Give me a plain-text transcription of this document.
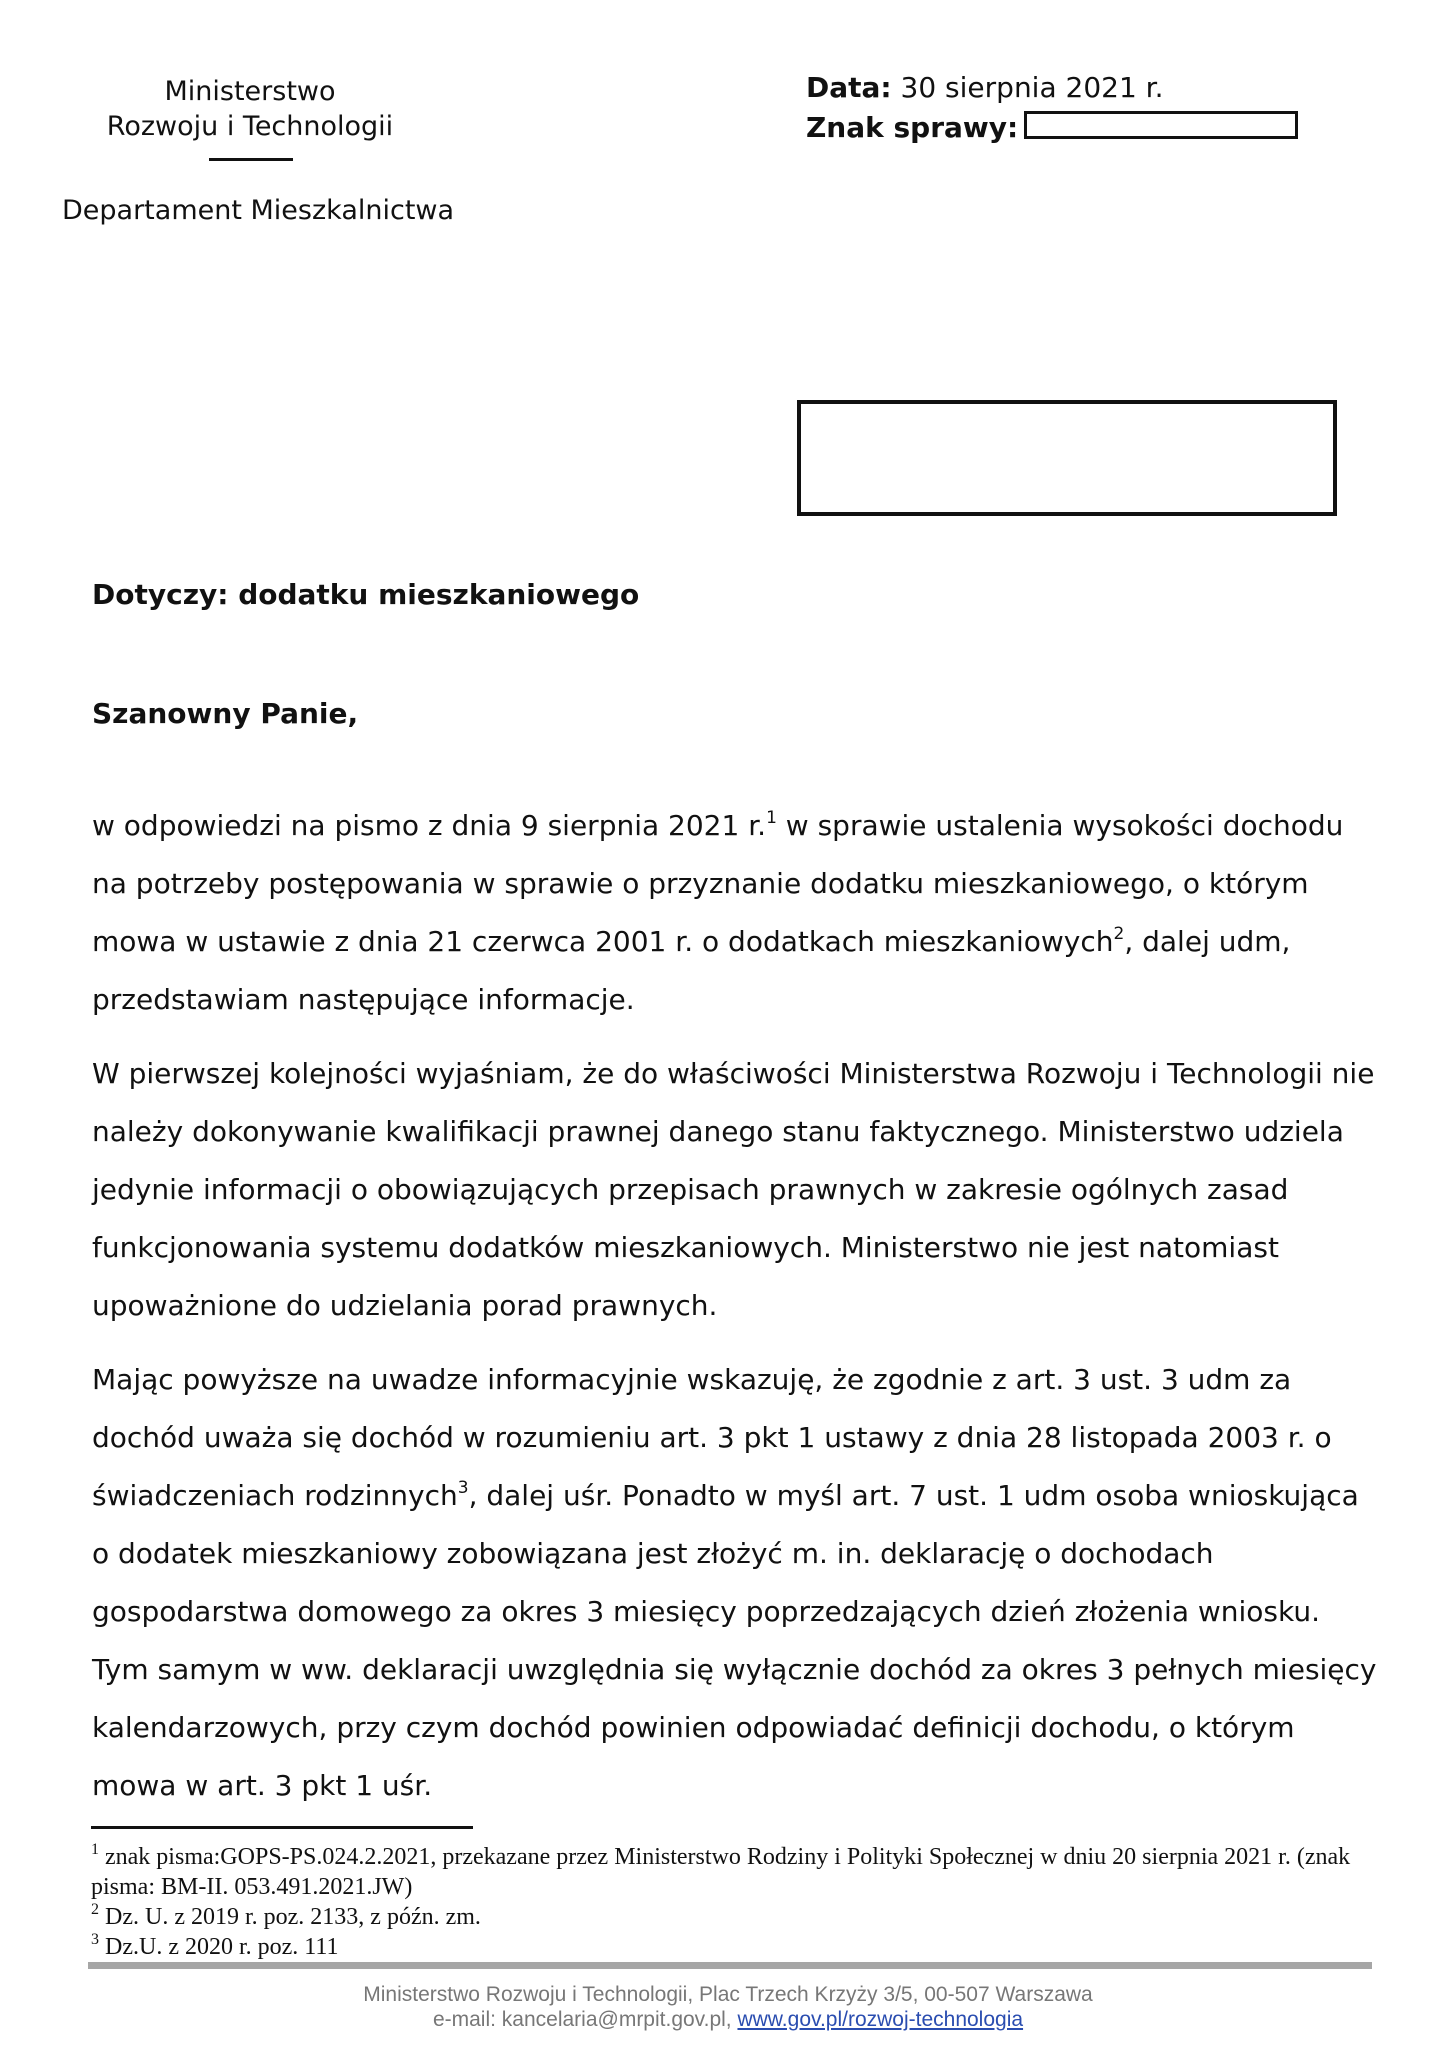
Ministerstwo
Rozwoju i Technologii
Departament Mieszkalnictwa
Data: 30 sierpnia 2021 r.
Znak sprawy:
Dotyczy: dodatku mieszkaniowego
Szanowny Panie,

w odpowiedzi na pismo z dnia 9 sierpnia 2021 r.$^1$ w sprawie ustalenia wysokości dochodu na potrzeby postępowania w sprawie o przyznanie dodatku mieszkaniowego, o którym mowa w ustawie z dnia 21 czerwca 2001 r. o dodatkach mieszkaniowych$^2$, dalej udm, przedstawiam następujące informacje.

W pierwszej kolejności wyjaśniam, że do właściwości Ministerstwa Rozwoju i Technologii nie należy dokonywanie kwalifikacji prawnej danego stanu faktycznego. Ministerstwo udziela jedynie informacji o obowiązujących przepisach prawnych w zakresie ogólnych zasad funkcjonowania systemu dodatków mieszkaniowych. Ministerstwo nie jest natomiast upoważnione do udzielania porad prawnych.

Mając powyższe na uwadze informacyjnie wskazuję, że zgodnie z art. 3 ust. 3 udm za dochód uważa się dochód w rozumieniu art. 3 pkt 1 ustawy z dnia 28 listopada 2003 r. o świadczeniach rodzinnych$^3$, dalej uśr. Ponadto w myśl art. 7 ust. 1 udm osoba wnioskująca o dodatek mieszkaniowy zobowiązana jest złożyć m. in. deklarację o dochodach gospodarstwa domowego za okres 3 miesięcy poprzedzających dzień złożenia wniosku. Tym samym w ww. deklaracji uwzględnia się wyłącznie dochód za okres 3 pełnych miesięcy kalendarzowych, przy czym dochód powinien odpowiadać definicji dochodu, o którym mowa w art. 3 pkt 1 uśr.

$^1$ znak pisma:GOPS-PS.024.2.2021, przekazane przez Ministerstwo Rodziny i Polityki Społecznej w dniu 20 sierpnia 2021 r. (znak pisma: BM-II. 053.491.2021.JW)
$^2$ Dz. U. z 2019 r. poz. 2133, z późn. zm.
$^3$ Dz.U. z 2020 r. poz. 111
Ministerstwo Rozwoju i Technologii, Plac Trzech Krzyży 3/5, 00-507 Warszawa
e-mail: kancelaria@mrpit.gov.pl, www.gov.pl/rozwoj-technologia
